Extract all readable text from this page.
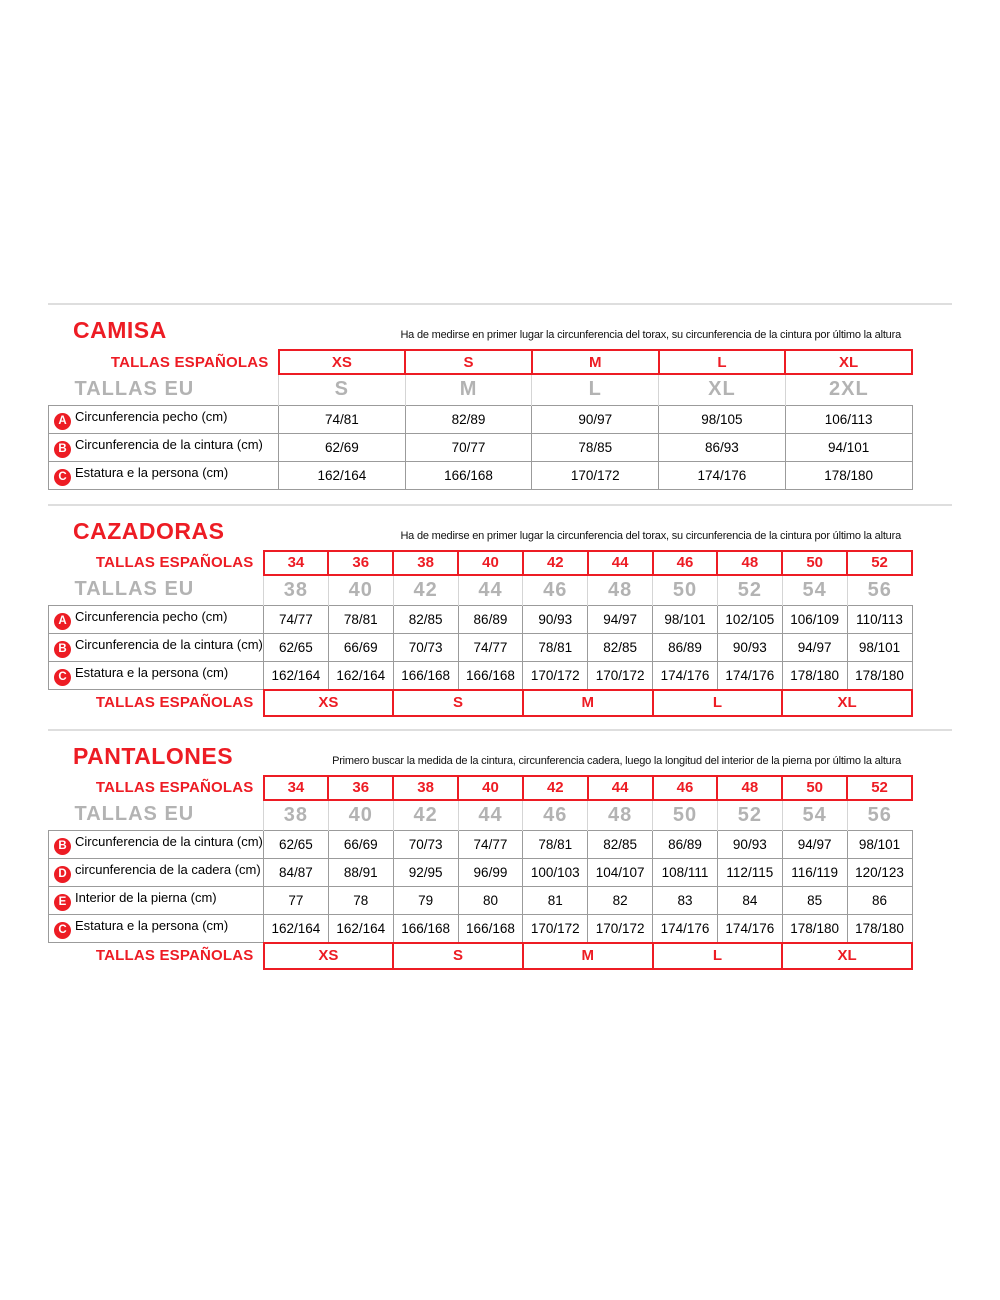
CAMISA	Ha de medirse en primer lugar la circunferencia del torax, su circunferencia de la cintura por último la altura

TALLAS ESPAÑOLAS	XS	S	M	L	XL
TALLAS EU	S	M	L	XL	2XL
A Circunferencia pecho (cm)	74/81	82/89	90/97	98/105	106/113
B Circunferencia de la cintura (cm)	62/69	70/77	78/85	86/93	94/101
C Estatura e la persona (cm)	162/164	166/168	170/172	174/176	178/180
CAZADORAS	Ha de medirse en primer lugar la circunferencia del torax, su circunferencia de la cintura por último la altura

TALLAS ESPAÑOLAS	34	36	38	40	42	44	46	48	50	52
TALLAS EU	38	40	42	44	46	48	50	52	54	56
A Circunferencia pecho (cm)	74/77	78/81	82/85	86/89	90/93	94/97	98/101	102/105	106/109	110/113
B Circunferencia de la cintura (cm)	62/65	66/69	70/73	74/77	78/81	82/85	86/89	90/93	94/97	98/101
C Estatura e la persona (cm)	162/164	162/164	166/168	166/168	170/172	170/172	174/176	174/176	178/180	178/180
TALLAS ESPAÑOLAS	XS		S		M		L		XL	
PANTALONES	Primero buscar la medida de la cintura, circunferencia cadera, luego la longitud del interior de la pierna por último la altura

TALLAS ESPAÑOLAS	34	36	38	40	42	44	46	48	50	52
TALLAS EU	38	40	42	44	46	48	50	52	54	56
B Circunferencia de la cintura (cm)	62/65	66/69	70/73	74/77	78/81	82/85	86/89	90/93	94/97	98/101
D circunferencia de la cadera (cm)	84/87	88/91	92/95	96/99	100/103	104/107	108/111	112/115	116/119	120/123
E Interior de la pierna (cm)	77	78	79	80	81	82	83	84	85	86
C Estatura e la persona (cm)	162/164	162/164	166/168	166/168	170/172	170/172	174/176	174/176	178/180	178/180
TALLAS ESPAÑOLAS	XS		S		M		L		XL	
